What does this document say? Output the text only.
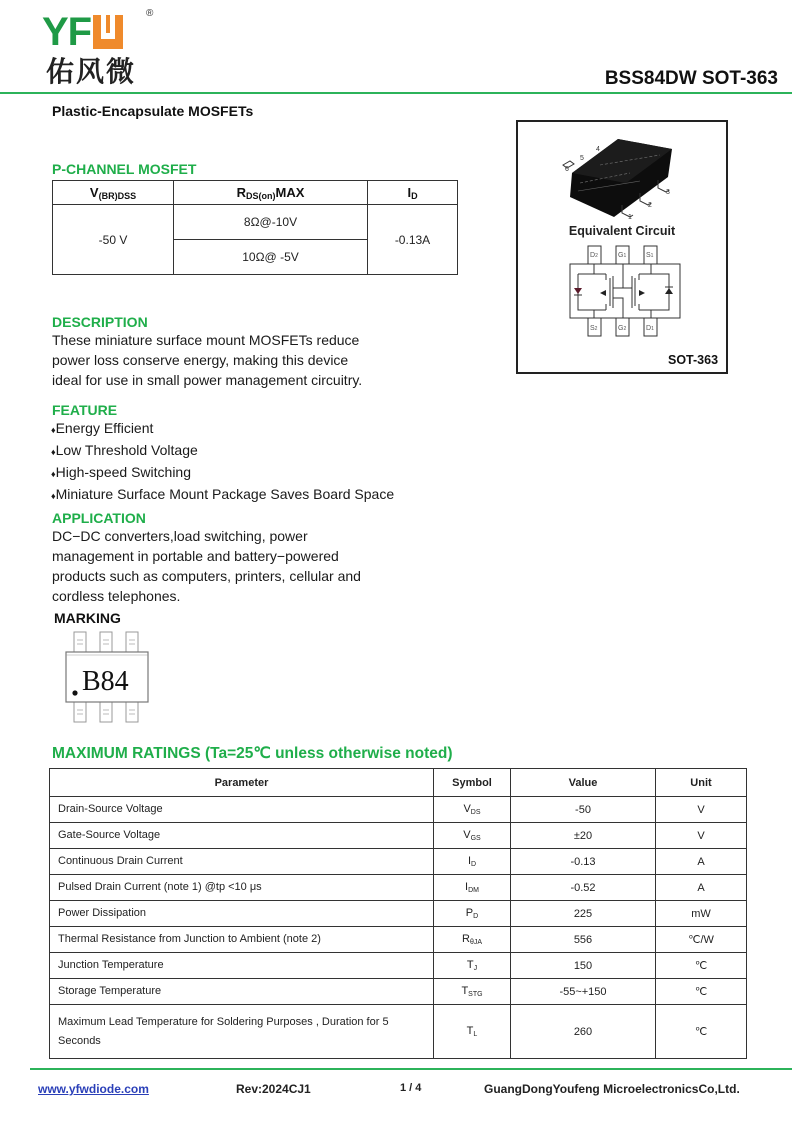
YF	®
佑风微	BSS84DW SOT-363
Plastic-Encapsulate MOSFETs
P-CHANNEL MOSFET
$V_{(BR)DSS}$	$R_{DS(on)}MAX$	$I_D$
-50 V	8Ω@-10V	-0.13A
	10Ω@ -5V	
1
2
3
4
5
6
Equivalent Circuit
D2	G1	S1
S2	G2	D1
SOT-363
DESCRIPTION
These miniature surface mount MOSFETs reduce
power loss conserve energy, making this device
ideal for use in small power management circuitry.
FEATURE
♦Energy Efficient
♦Low Threshold Voltage
♦High-speed Switching
♦Miniature Surface Mount Package Saves Board Space
APPLICATION
DC−DC converters,load switching, power
management in portable and battery−powered
products such as computers, printers, cellular and
cordless telephones.
MARKING
B84
MAXIMUM RATINGS (Ta=25℃ unless otherwise noted)
Parameter	Symbol	Value	Unit
Drain-Source Voltage	$V_{DS}$	-50	V
Gate-Source Voltage	$V_{GS}$	±20	V
Continuous Drain Current	$I_D$	-0.13	A
Pulsed Drain Current (note 1) @tp <10 μs	$I_{DM}$	-0.52	A
Power Dissipation	$P_D$	225	mW
Thermal Resistance from Junction to Ambient (note 2)	$R_{\theta JA}$	556	℃/W
Junction Temperature	$T_J$	150	℃
Storage Temperature	$T_{STG}$	-55~+150	℃
Maximum Lead Temperature for Soldering Purposes , Duration for 5 Seconds	$T_L$	260	℃
www.yfwdiode.com	Rev:2024CJ1	1 / 4	GuangDongYoufeng MicroelectronicsCo,Ltd.
